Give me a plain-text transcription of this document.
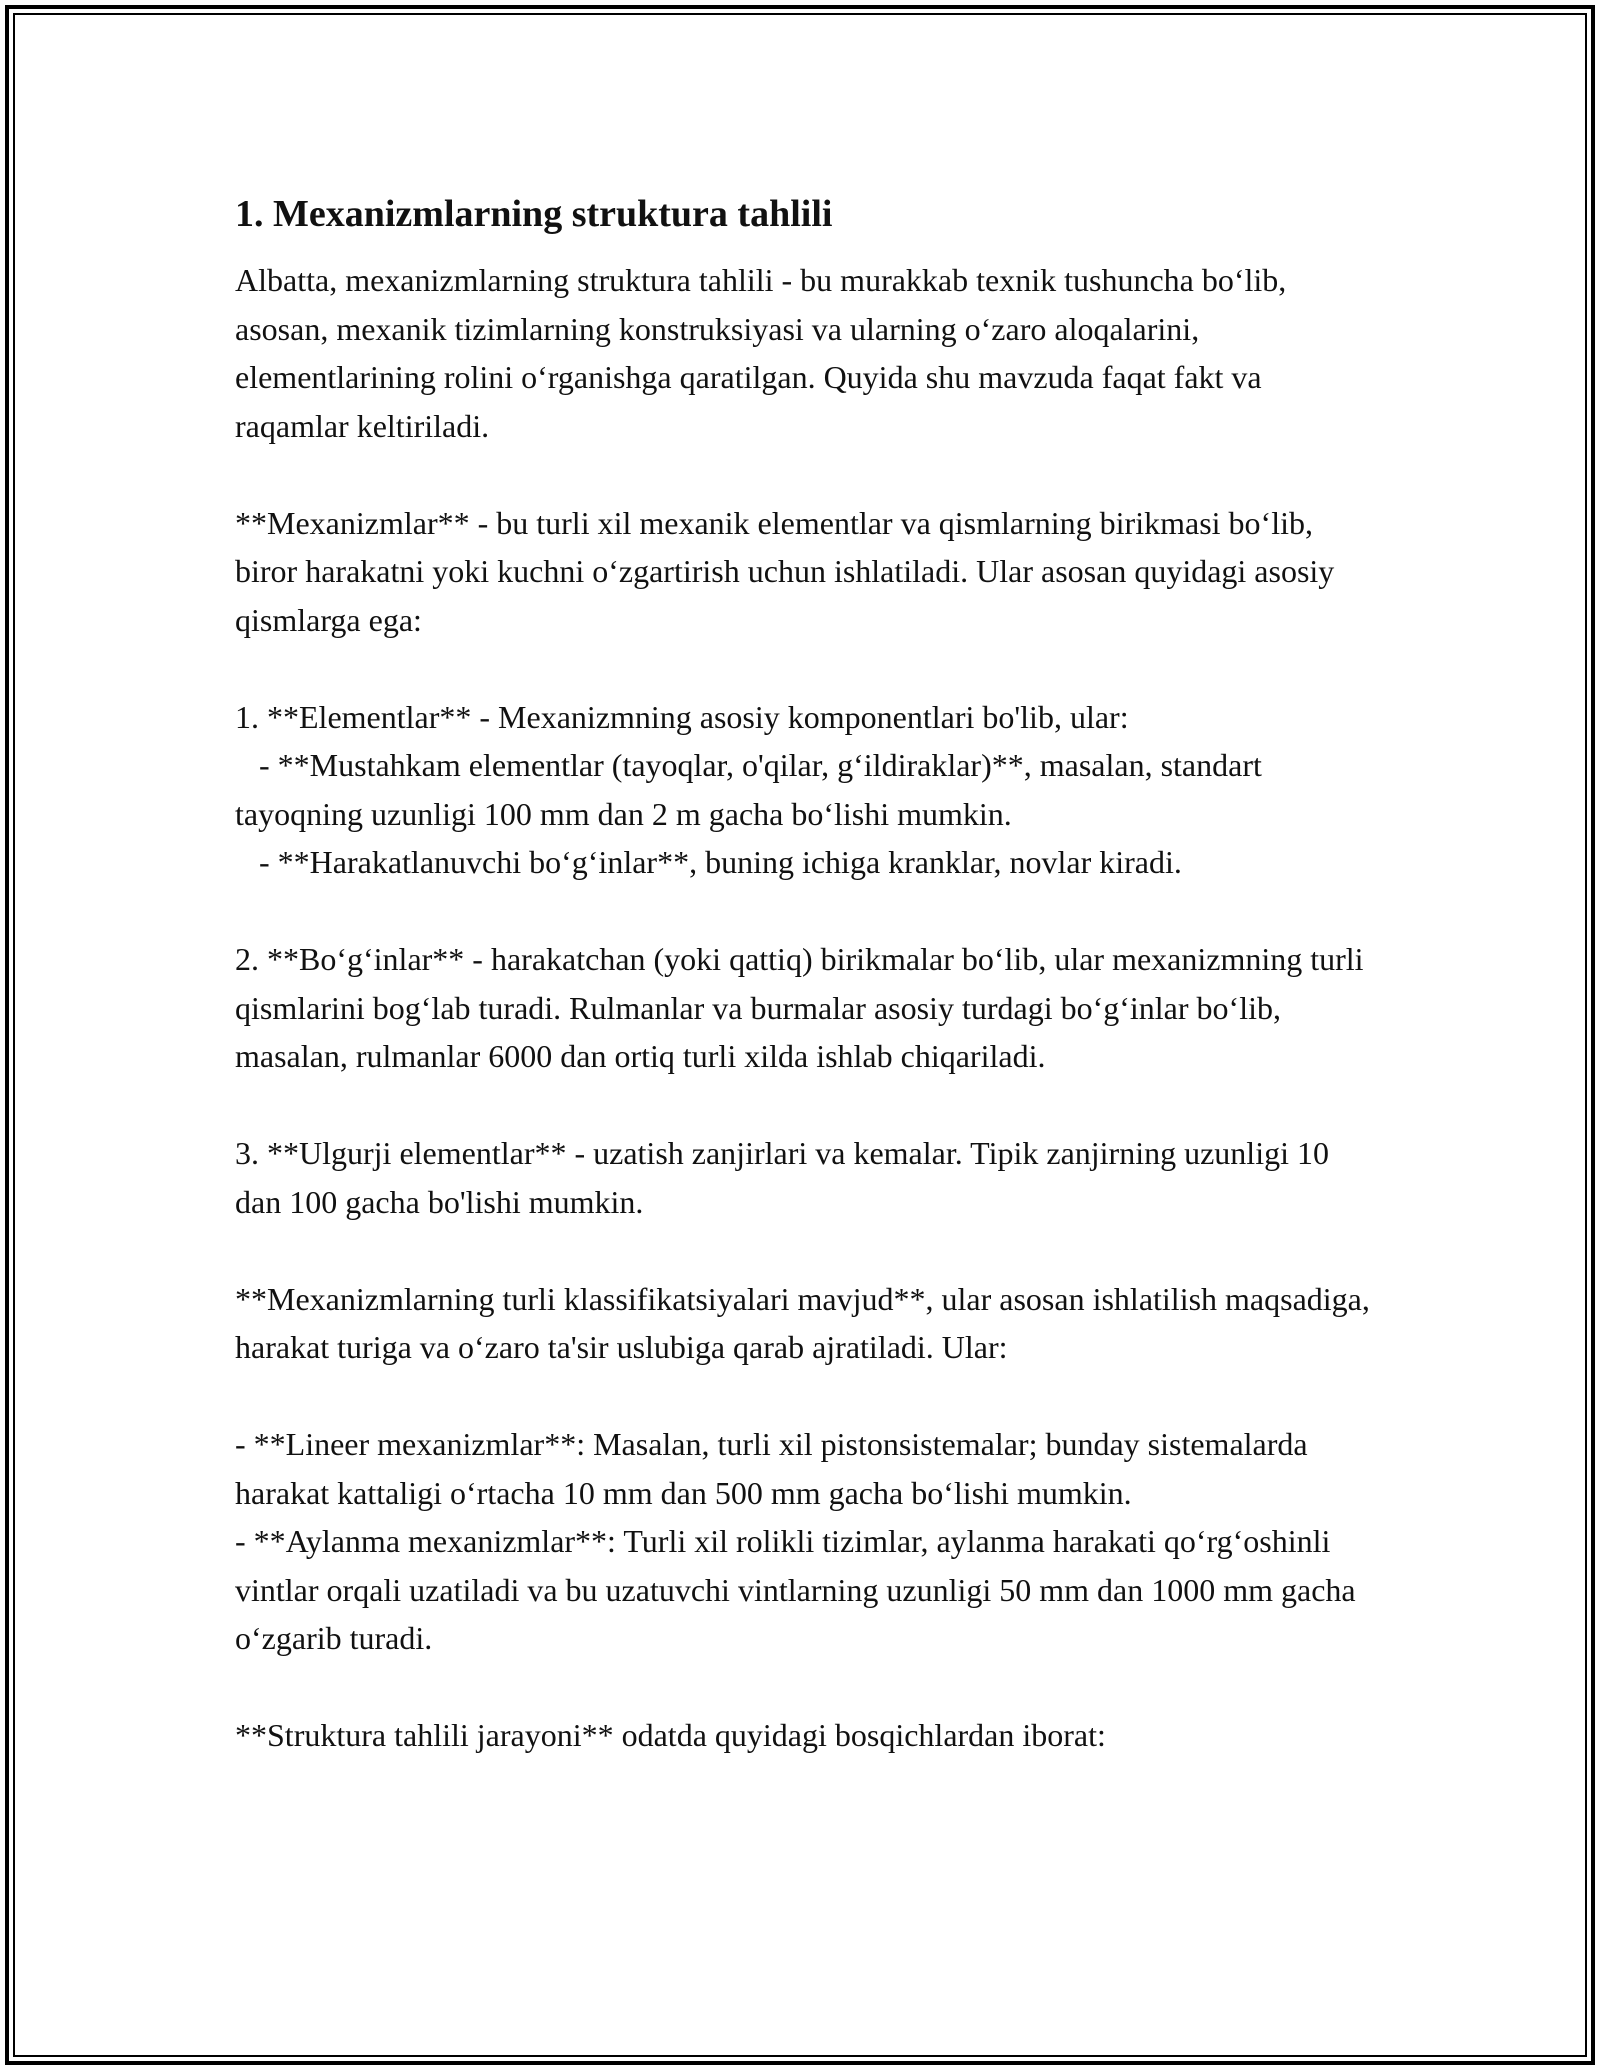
1. Mexanizmlarning struktura tahlili

Albatta, mexanizmlarning struktura tahlili - bu murakkab texnik tushuncha bo‘lib, asosan, mexanik tizimlarning konstruksiyasi va ularning o‘zaro aloqalarini, elementlarining rolini o‘rganishga qaratilgan. Quyida shu mavzuda faqat fakt va raqamlar keltiriladi.

**Mexanizmlar** - bu turli xil mexanik elementlar va qismlarning birikmasi bo‘lib, biror harakatni yoki kuchni o‘zgartirish uchun ishlatiladi. Ular asosan quyidagi asosiy qismlarga ega:

1. **Elementlar** - Mexanizmning asosiy komponentlari bo'lib, ular:
- **Mustahkam elementlar (tayoqlar, o'qilar, g‘ildiraklar)**, masalan, standart tayoqning uzunligi 100 mm dan 2 m gacha bo‘lishi mumkin.
- **Harakatlanuvchi bo‘g‘inlar**, buning ichiga kranklar, novlar kiradi.

2. **Bo‘g‘inlar** - harakatchan (yoki qattiq) birikmalar bo‘lib, ular mexanizmning turli qismlarini bog‘lab turadi. Rulmanlar va burmalar asosiy turdagi bo‘g‘inlar bo‘lib, masalan, rulmanlar 6000 dan ortiq turli xilda ishlab chiqariladi.

3. **Ulgurji elementlar** - uzatish zanjirlari va kemalar. Tipik zanjirning uzunligi 10 dan 100 gacha bo'lishi mumkin.

**Mexanizmlarning turli klassifikatsiyalari mavjud**, ular asosan ishlatilish maqsadiga, harakat turiga va o‘zaro ta'sir uslubiga qarab ajratiladi. Ular:

- **Lineer mexanizmlar**: Masalan, turli xil pistonsistemalar; bunday sistemalarda harakat kattaligi o‘rtacha 10 mm dan 500 mm gacha bo‘lishi mumkin.
- **Aylanma mexanizmlar**: Turli xil rolikli tizimlar, aylanma harakati qo‘rg‘oshinli vintlar orqali uzatiladi va bu uzatuvchi vintlarning uzunligi 50 mm dan 1000 mm gacha o‘zgarib turadi.

**Struktura tahlili jarayoni** odatda quyidagi bosqichlardan iborat:
